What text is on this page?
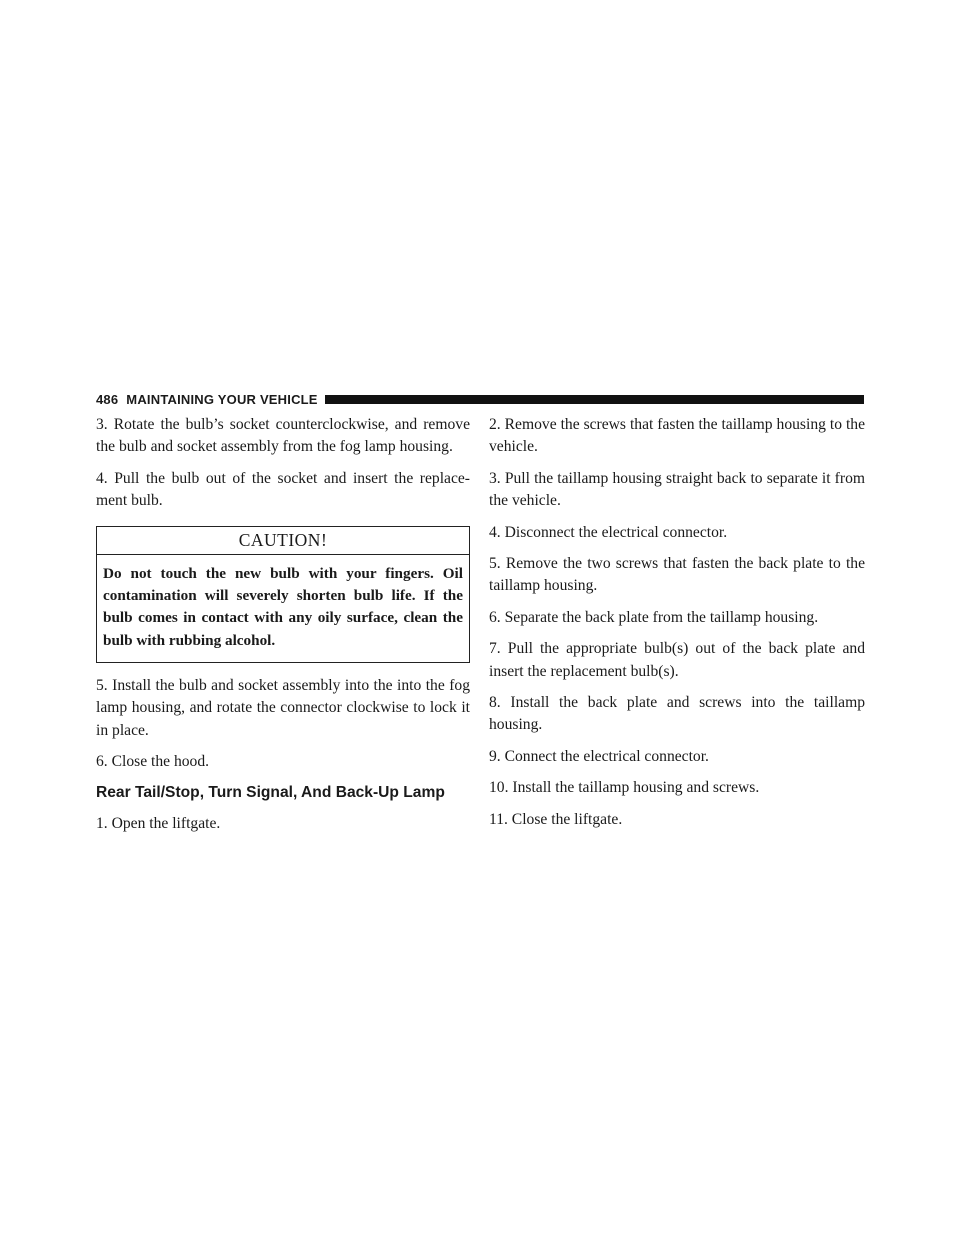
486 MAINTAINING YOUR VEHICLE

3. Rotate the bulb’s socket counterclockwise, and remove the bulb and socket assembly from the fog lamp housing.

4. Pull the bulb out of the socket and insert the replace- ment bulb.

CAUTION!
Do not touch the new bulb with your fingers. Oil contamination will severely shorten bulb life. If the bulb comes in contact with any oily surface, clean the bulb with rubbing alcohol.

5. Install the bulb and socket assembly into the into the fog lamp housing, and rotate the connector clockwise to lock it in place.

6. Close the hood.

Rear Tail/Stop, Turn Signal, And Back-Up Lamp

1. Open the liftgate.

2. Remove the screws that fasten the taillamp housing to the vehicle.

3. Pull the taillamp housing straight back to separate it from the vehicle.

4. Disconnect the electrical connector.

5. Remove the two screws that fasten the back plate to the taillamp housing.

6. Separate the back plate from the taillamp housing.

7. Pull the appropriate bulb(s) out of the back plate and insert the replacement bulb(s).

8. Install the back plate and screws into the taillamp housing.

9. Connect the electrical connector.

10. Install the taillamp housing and screws.

11. Close the liftgate.
